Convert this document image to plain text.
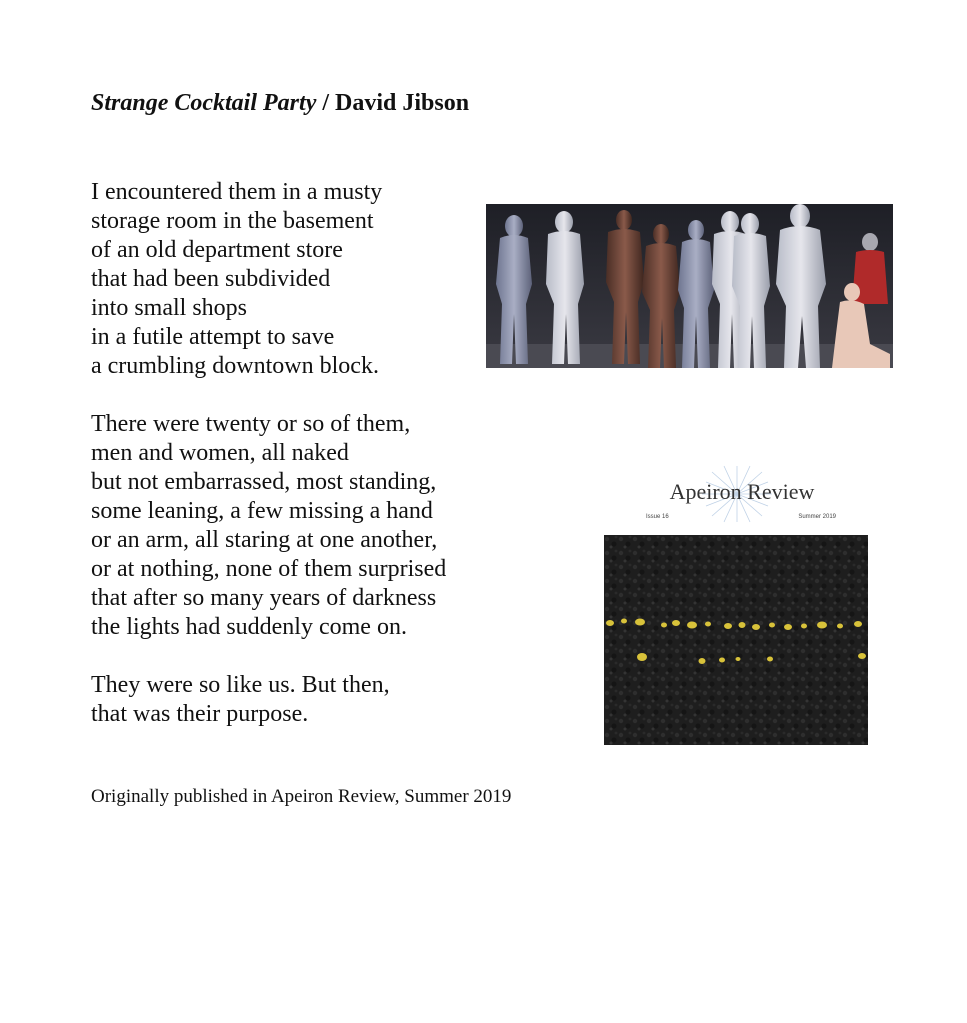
Strange Cocktail Party / David Jibson

I encountered them in a musty
storage room in the basement
of an old department store
that had been subdivided
into small shops
in a futile attempt to save
a crumbling downtown block.

There were twenty or so of them,
men and women, all naked
but not embarrassed, most standing,
some leaning, a few missing a hand
or an arm, all staring at one another,
or at nothing, none of them surprised
that after so many years of darkness
the lights had suddenly come on.

They were so like us. But then,
that was their purpose.

Originally published in Apeiron Review, Summer 2019
Apeiron Review
Issue 16	Summer 2019
